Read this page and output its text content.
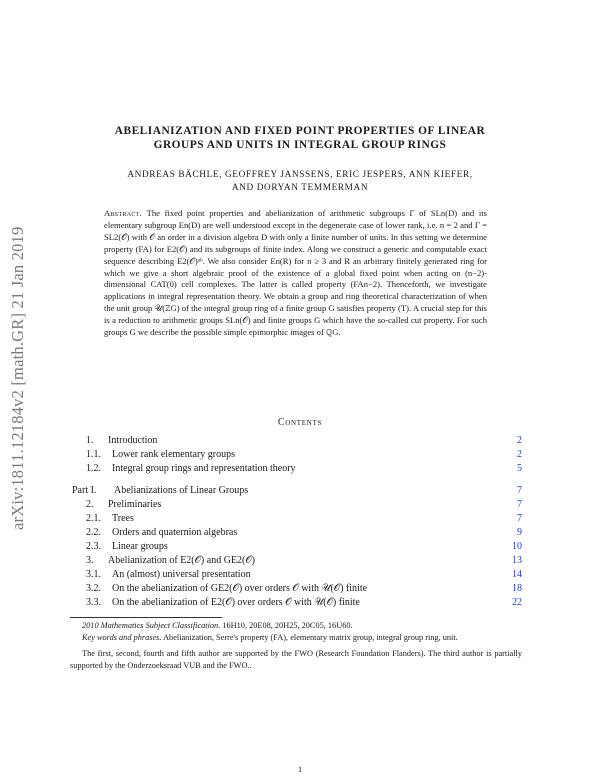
arXiv:1811.12184v2 [math.GR] 21 Jan 2019
ABELIANIZATION AND FIXED POINT PROPERTIES OF LINEAR
GROUPS AND UNITS IN INTEGRAL GROUP RINGS
ANDREAS BÄCHLE, GEOFFREY JANSSENS, ERIC JESPERS, ANN KIEFER,
AND DORYAN TEMMERMAN
Abstract. The fixed point properties and abelianization of arithmetic subgroups Γ of SLn(D) and its elementary subgroup En(D) are well understood except in the degenerate case of lower rank, i.e. n = 2 and Γ = SL2(𝒪) with 𝒪 an order in a division algebra D with only a finite number of units. In this setting we determine property (FA) for E2(𝒪) and its subgroups of finite index. Along we construct a generic and computable exact sequence describing E2(𝒪)ᵃᵇ. We also consider En(R) for n ≥ 3 and R an arbitrary finitely generated ring for which we give a short algebraic proof of the existence of a global fixed point when acting on (n−2)-dimensional CAT(0) cell complexes. The latter is called property (FAn−2). Thenceforth, we investigate applications in integral representation theory. We obtain a group and ring theoretical characterization of when the unit group 𝒰(ℤG) of the integral group ring of a finite group G satisfies property (T). A crucial step for this is a reduction to arithmetic groups SLn(𝒪) and finite groups G which have the so-called cut property. For such groups G we describe the possible simple epimorphic images of ℚG.
Contents
1. Introduction	2
1.1. Lower rank elementary groups	2
1.2. Integral group rings and representation theory	5
Part I. Abelianizations of Linear Groups	7
2. Preliminaries	7
2.1. Trees	7
2.2. Orders and quaternion algebras	9
2.3. Linear groups	10
3. Abelianization of E2(𝒪) and GE2(𝒪)	13
3.1. An (almost) universal presentation	14
3.2. On the abelianization of GE2(𝒪) over orders 𝒪 with 𝒰(𝒪) finite	18
3.3. On the abelianization of E2(𝒪) over orders 𝒪 with 𝒰(𝒪) finite	22

2010 Mathematics Subject Classification. 16H10, 20E08, 20H25, 20C05, 16U60.

Key words and phrases. Abelianization, Serre's property (FA), elementary matrix group, integral group ring, unit.

The first, second, fourth and fifth author are supported by the FWO (Research Foundation Flanders). The third author is partially supported by the Onderzoeksraad VUB and the FWO..

1
